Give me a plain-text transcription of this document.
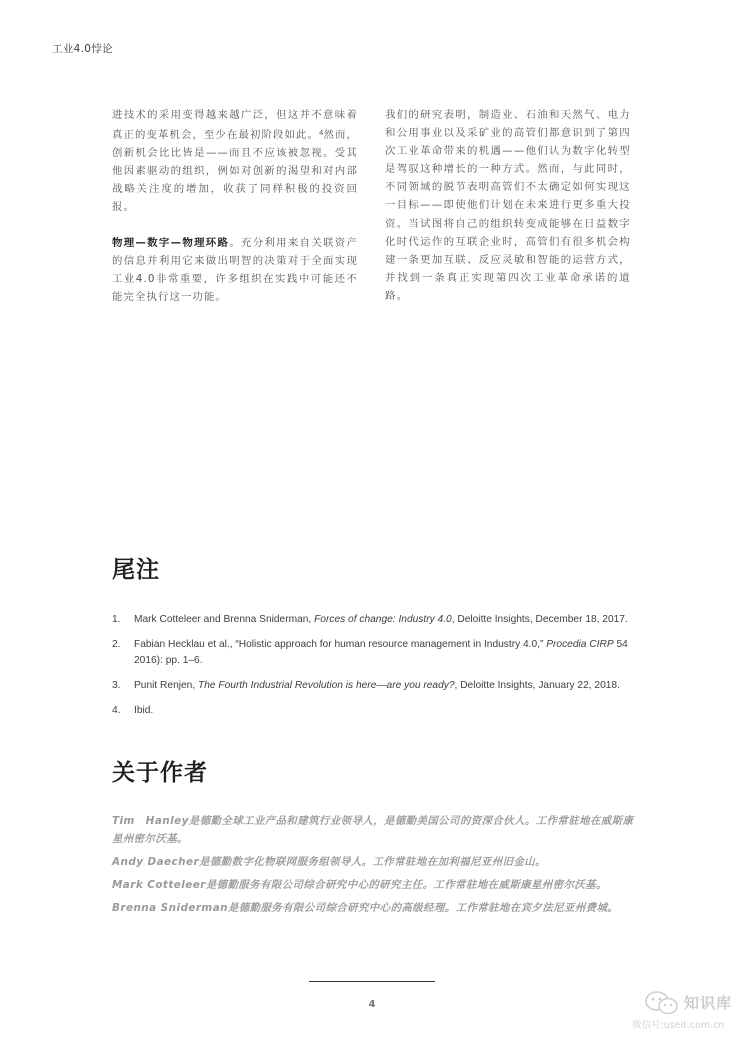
工业4.0悖论

进技术的采用变得越来越广泛，但这并不意味着真正的变革机会，至少在最初阶段如此。$^4$然而，创新机会比比皆是——而且不应该被忽视。受其他因素驱动的组织，例如对创新的渴望和对内部战略关注度的增加，收获了同样积极的投资回报。

物理—数字—物理环路。充分利用来自关联资产的信息并利用它来做出明智的决策对于全面实现工业4.0非常重要，许多组织在实践中可能还不能完全执行这一功能。

我们的研究表明，制造业、石油和天然气、电力和公用事业以及采矿业的高管们都意识到了第四次工业革命带来的机遇——他们认为数字化转型是驾驭这种增长的一种方式。然而，与此同时，不同领域的脱节表明高管们不太确定如何实现这一目标——即使他们计划在未来进行更多重大投资。当试图将自己的组织转变成能够在日益数字化时代运作的互联企业时，高管们有很多机会构建一条更加互联、反应灵敏和智能的运营方式，并找到一条真正实现第四次工业革命承诺的道路。

尾注
1.	Mark Cotteleer and Brenna Sniderman, Forces of change: Industry 4.0, Deloitte Insights, December 18, 2017.
2.	Fabian Hecklau et al., “Holistic approach for human resource management in Industry 4.0,” Procedia CIRP 54 2016): pp. 1–6.
3.	Punit Renjen, The Fourth Industrial Revolution is here—are you ready?, Deloitte Insights, January 22, 2018.
4.	Ibid.
关于作者

Tim　Hanley是德勤全球工业产品和建筑行业领导人，是德勤美国公司的资深合伙人。工作常驻地在威斯康星州密尔沃基。

Andy Daecher是德勤数字化物联网服务组领导人。工作常驻地在加利福尼亚州旧金山。

Mark Cotteleer是德勤服务有限公司综合研究中心的研究主任。工作常驻地在威斯康星州密尔沃基。

Brenna Sniderman是德勤服务有限公司综合研究中心的高级经理。工作常驻地在宾夕法尼亚州费城。

4	知识库
微信号:useit.com.cn
